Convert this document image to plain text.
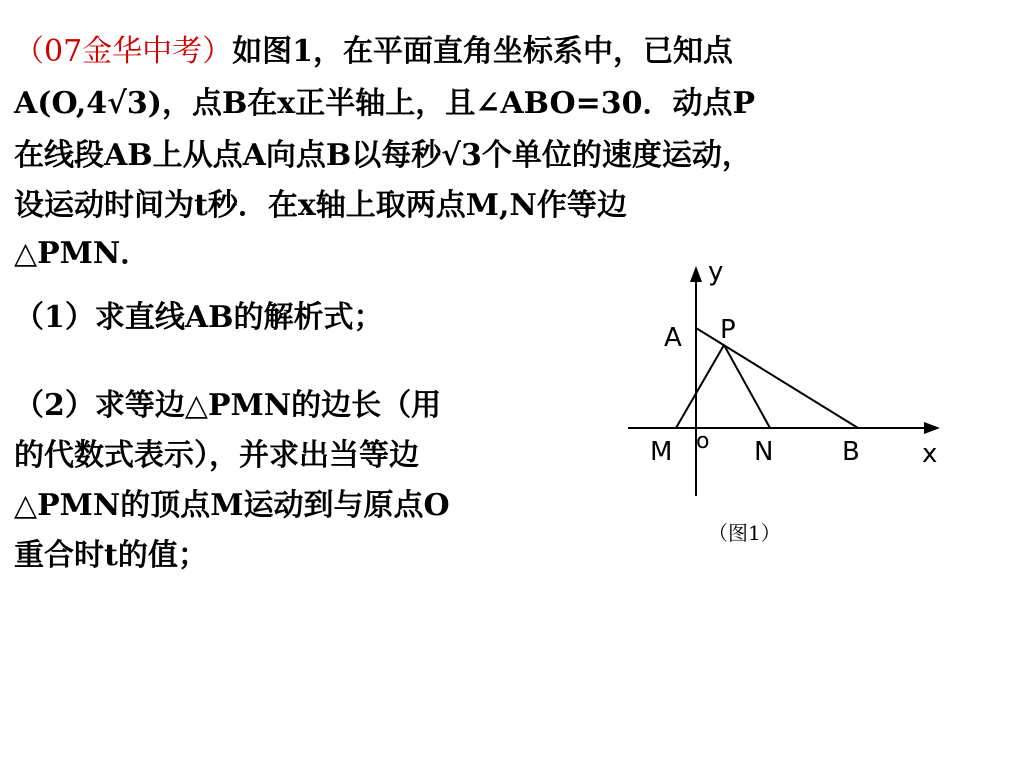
（07金华中考）如图1，在平面直角坐标系中，已知点
A(O,4√3)，点B在x正半轴上，且∠ABO=30．动点P
在线段AB上从点A向点B以每秒√3个单位的速度运动，
设运动时间为t秒．在x轴上取两点M,N作等边
△PMN．
（1）求直线AB的解析式；
（2）求等边△PMN的边长（用
的代数式表示），并求出当等边
△PMN的顶点M运动到与原点O
重合时t的值；
y
x
A P
M o N	B
（图1）
